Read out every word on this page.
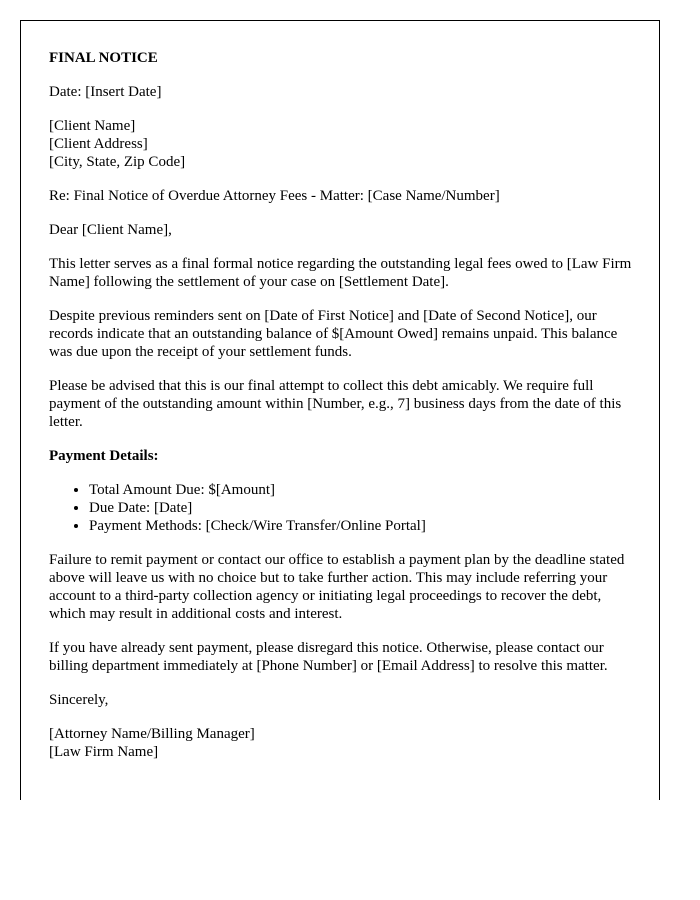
FINAL NOTICE

Date: [Insert Date]

[Client Name]
[Client Address]
[City, State, Zip Code]

Re: Final Notice of Overdue Attorney Fees - Matter: [Case Name/Number]

Dear [Client Name],

This letter serves as a final formal notice regarding the outstanding legal fees owed to [Law Firm Name] following the settlement of your case on [Settlement Date].

Despite previous reminders sent on [Date of First Notice] and [Date of Second Notice], our records indicate that an outstanding balance of $[Amount Owed] remains unpaid. This balance was due upon the receipt of your settlement funds.

Please be advised that this is our final attempt to collect this debt amicably. We require full payment of the outstanding amount within [Number, e.g., 7] business days from the date of this letter.

Payment Details:

• Total Amount Due: $[Amount]
• Due Date: [Date]
• Payment Methods: [Check/Wire Transfer/Online Portal]

Failure to remit payment or contact our office to establish a payment plan by the deadline stated above will leave us with no choice but to take further action. This may include referring your account to a third-party collection agency or initiating legal proceedings to recover the debt, which may result in additional costs and interest.

If you have already sent payment, please disregard this notice. Otherwise, please contact our billing department immediately at [Phone Number] or [Email Address] to resolve this matter.

Sincerely,

[Attorney Name/Billing Manager]
[Law Firm Name]
